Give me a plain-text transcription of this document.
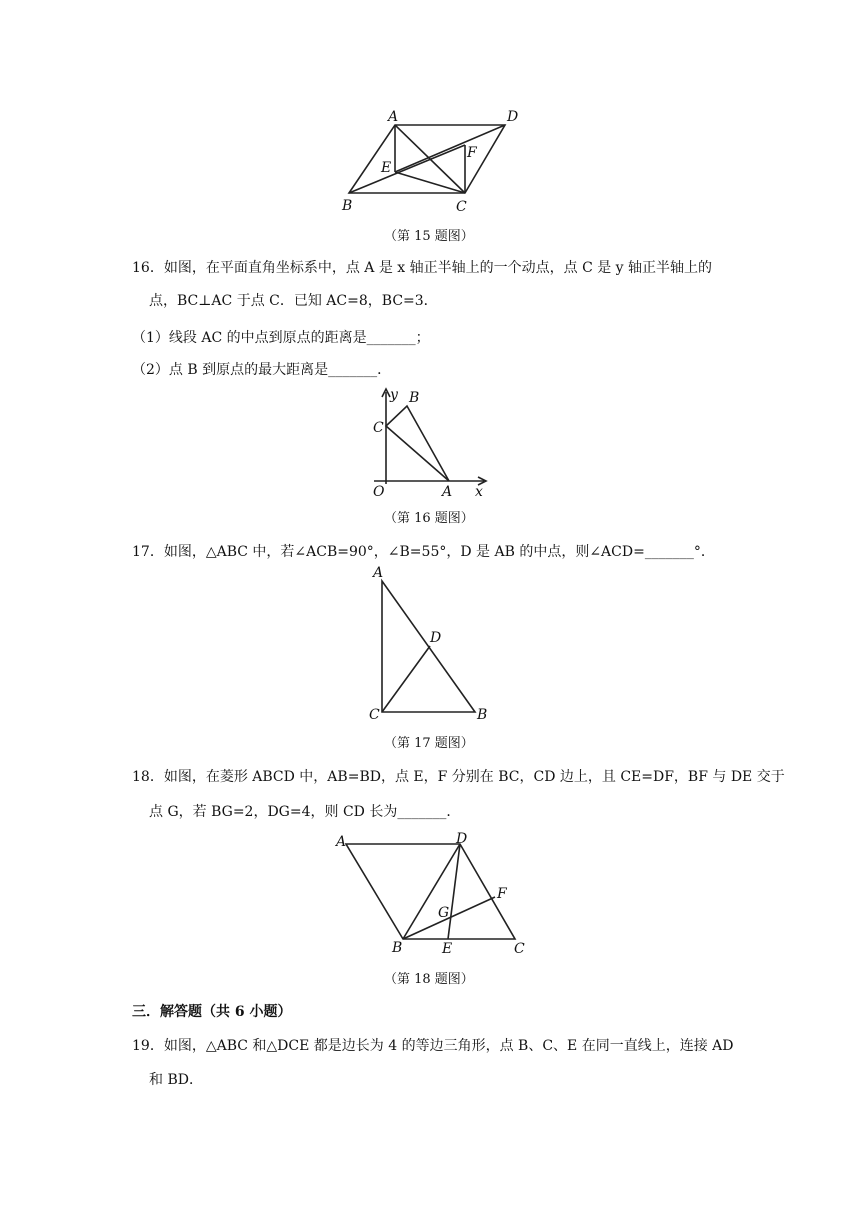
A	D
E
F
B	C
（第 15 题图）
16．如图，在平面直角坐标系中，点 A 是 x 轴正半轴上的一个动点，点 C 是 y 轴正半轴上的
点，BC⊥AC 于点 C．已知 AC=8，BC=3．
（1）线段 AC 的中点到原点的距离是_______；
（2）点 B 到原点的最大距离是_______．
y B
C
O	A x
（第 16 题图）
17．如图，△ABC 中，若∠ACB=90°，∠B=55°，D 是 AB 的中点，则∠ACD=_______°．
A
D
C	B
（第 17 题图）
18．如图，在菱形 ABCD 中，AB=BD，点 E，F 分别在 BC，CD 边上，且 CE=DF，BF 与 DE 交于
点 G，若 BG=2，DG=4，则 CD 长为_______．
A	D
F
G
B	E	C
（第 18 题图）
三．解答题（共 6 小题）
19．如图，△ABC 和△DCE 都是边长为 4 的等边三角形，点 B、C、E 在同一直线上，连接 AD
和 BD．
